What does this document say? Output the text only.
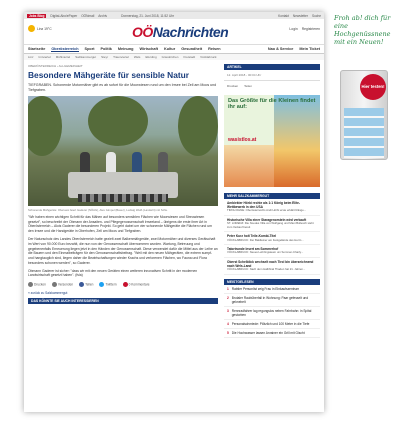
Jobs Blog	Digital-Abo/ePaper OÖNmail Archiv	Donnerstag, 21. Juni 2018, 11:52 Uhr	Kontakt Newsletter Suche
Linz 19°C	OÖNachrichten	Login Registrieren
Startseite Oberösterreich Sport Politik Meinung Wirtschaft Kultur Gesundheit Reisen	Nao & Service Mein Ticket
Linz Innviertel Mühlviertel Salzkammergut Steyr Traunviertel Wels Eferding Grieskirchen Freistadt Vöcklabruck
OBERÖSTERREICH › ALLGEMEINHEIT
Besondere Mähgeräte für sensible Natur

TIEFGRABEN. Schonende Motormäher gibt es ab sofort für die Moorwiesen rund um den Irrsee bei Zell am Moos und Tiefgraben.

Schonende Mähgeräte: Oberoesi feiert Gaderer (NÖAG), Alex Gimpel (Bauer), Ludwig Weiß (Landwirt) mit Schu.

"Wir haben einen wichtigen Schritt für das Mähen auf besonders sensiblen Flächen wie Moorwiesen und Streuwiesen gesetzt", so beschreibt der Obmann der Ansaiten- und Pflegegenossenschaft Irrseeland – übrigens die erste ihrer Art in Oberösterreich – Alois Gaderer die besonderen Projekt. So geht dabei um vier schonende Mähgeräte die Flächen rund um den Irrsee und die Handgeräte in Oberhofen, Zell am Moos und Tiefgraben.

Der Naturschutz des Landes Oberösterreich hatte gezielt zwei Balkenmähgeräte, zwei Motormäher und diverses Gerätschaft im Wert von 90.000 Euro bezahlt, die nun von der Genossenschaft übernommen wurden. Wartung, Betreuung und gegebenenfalls Erneuerung liegen jetzt in den Händen der Genossenschaft. Diese verwendet dafür die Mittel aus der Leihe an die Bauern und den Einmalbeiträgen für den Genossenschaftsbeitrag. "Weil mit den neuen Mähgeräten, die extrem sumpf- und hangtauglich sind, liegen daher die Bewirtschaftungen wieder Krachs und verlorenen Flächen, wo Fauna und Flora besonders schonen werden", so Gaderer.

Obmann Gaderer ist sicher: "dass wir mit den neuen Geräten einen weiteren innovativen Schritt in der modernen Landwirtschaft gesetzt haben". (fsla)

Drucken	Versenden	Teilen	Twittern	0 Kommentare
« zurück zu Salzkammergut
DAS KÖNNTE SIE AUCH INTERESSIEREN
ARTIKEL
12. April 2018 - 00:04 Uhr
Drucken Teilen
Das Größte für die Kleinen findet ihr auf:
wasistlos.at
MEHR SALZKAMMERGUT
Ambiekter Hörbi rechte als 1:1 König beim Elite-Wettbewerb in den USA
TIROL/OHNE: Oberösterreichs Andi Hörbi erste erklärt Ränge...
Historische Villa einer Staragenorsteln wird verkauft
ST. LORENZ: Die Noodes Villa von Wolfgang und Mani Bullesch steht zum Verkauf bereit
Peter Kurz holt Teile-Kombi-Titel
VÖCKLABRUCK: Der Baldleiner am Festgelände des Herrn...
Tatortrunde lesert am Sommerhof
VÖCKLABRUCK: Neues Lehrlingsteam um Sommer-Charly...
Oberst Schelblick wechselt nach Tirol bin überzeichnend nach Wels-Land
VÖCKLABRUCK: Nach dem Halbfinal Thaden hat 21. Jahren...
MEISTGELESEN
1 Rabtier Personlist zeig Frau in Einkaufszentrum
2 Brutaler Raubüberfall in Wohnung: Paar gefesselt und geknebelt
3 Rennradfahrer lag regungslos neben Fahrbahn: in Spital gestorben
4 Personalschmiede: Plötzlich und 100 Meter in die Tiefe
5 Die Hochwasser lassen Anrainer ein Grill mit Gischt
Froh ab! dich für eine Hochgenüssnene mit ein Neuen!
Hier testen!
